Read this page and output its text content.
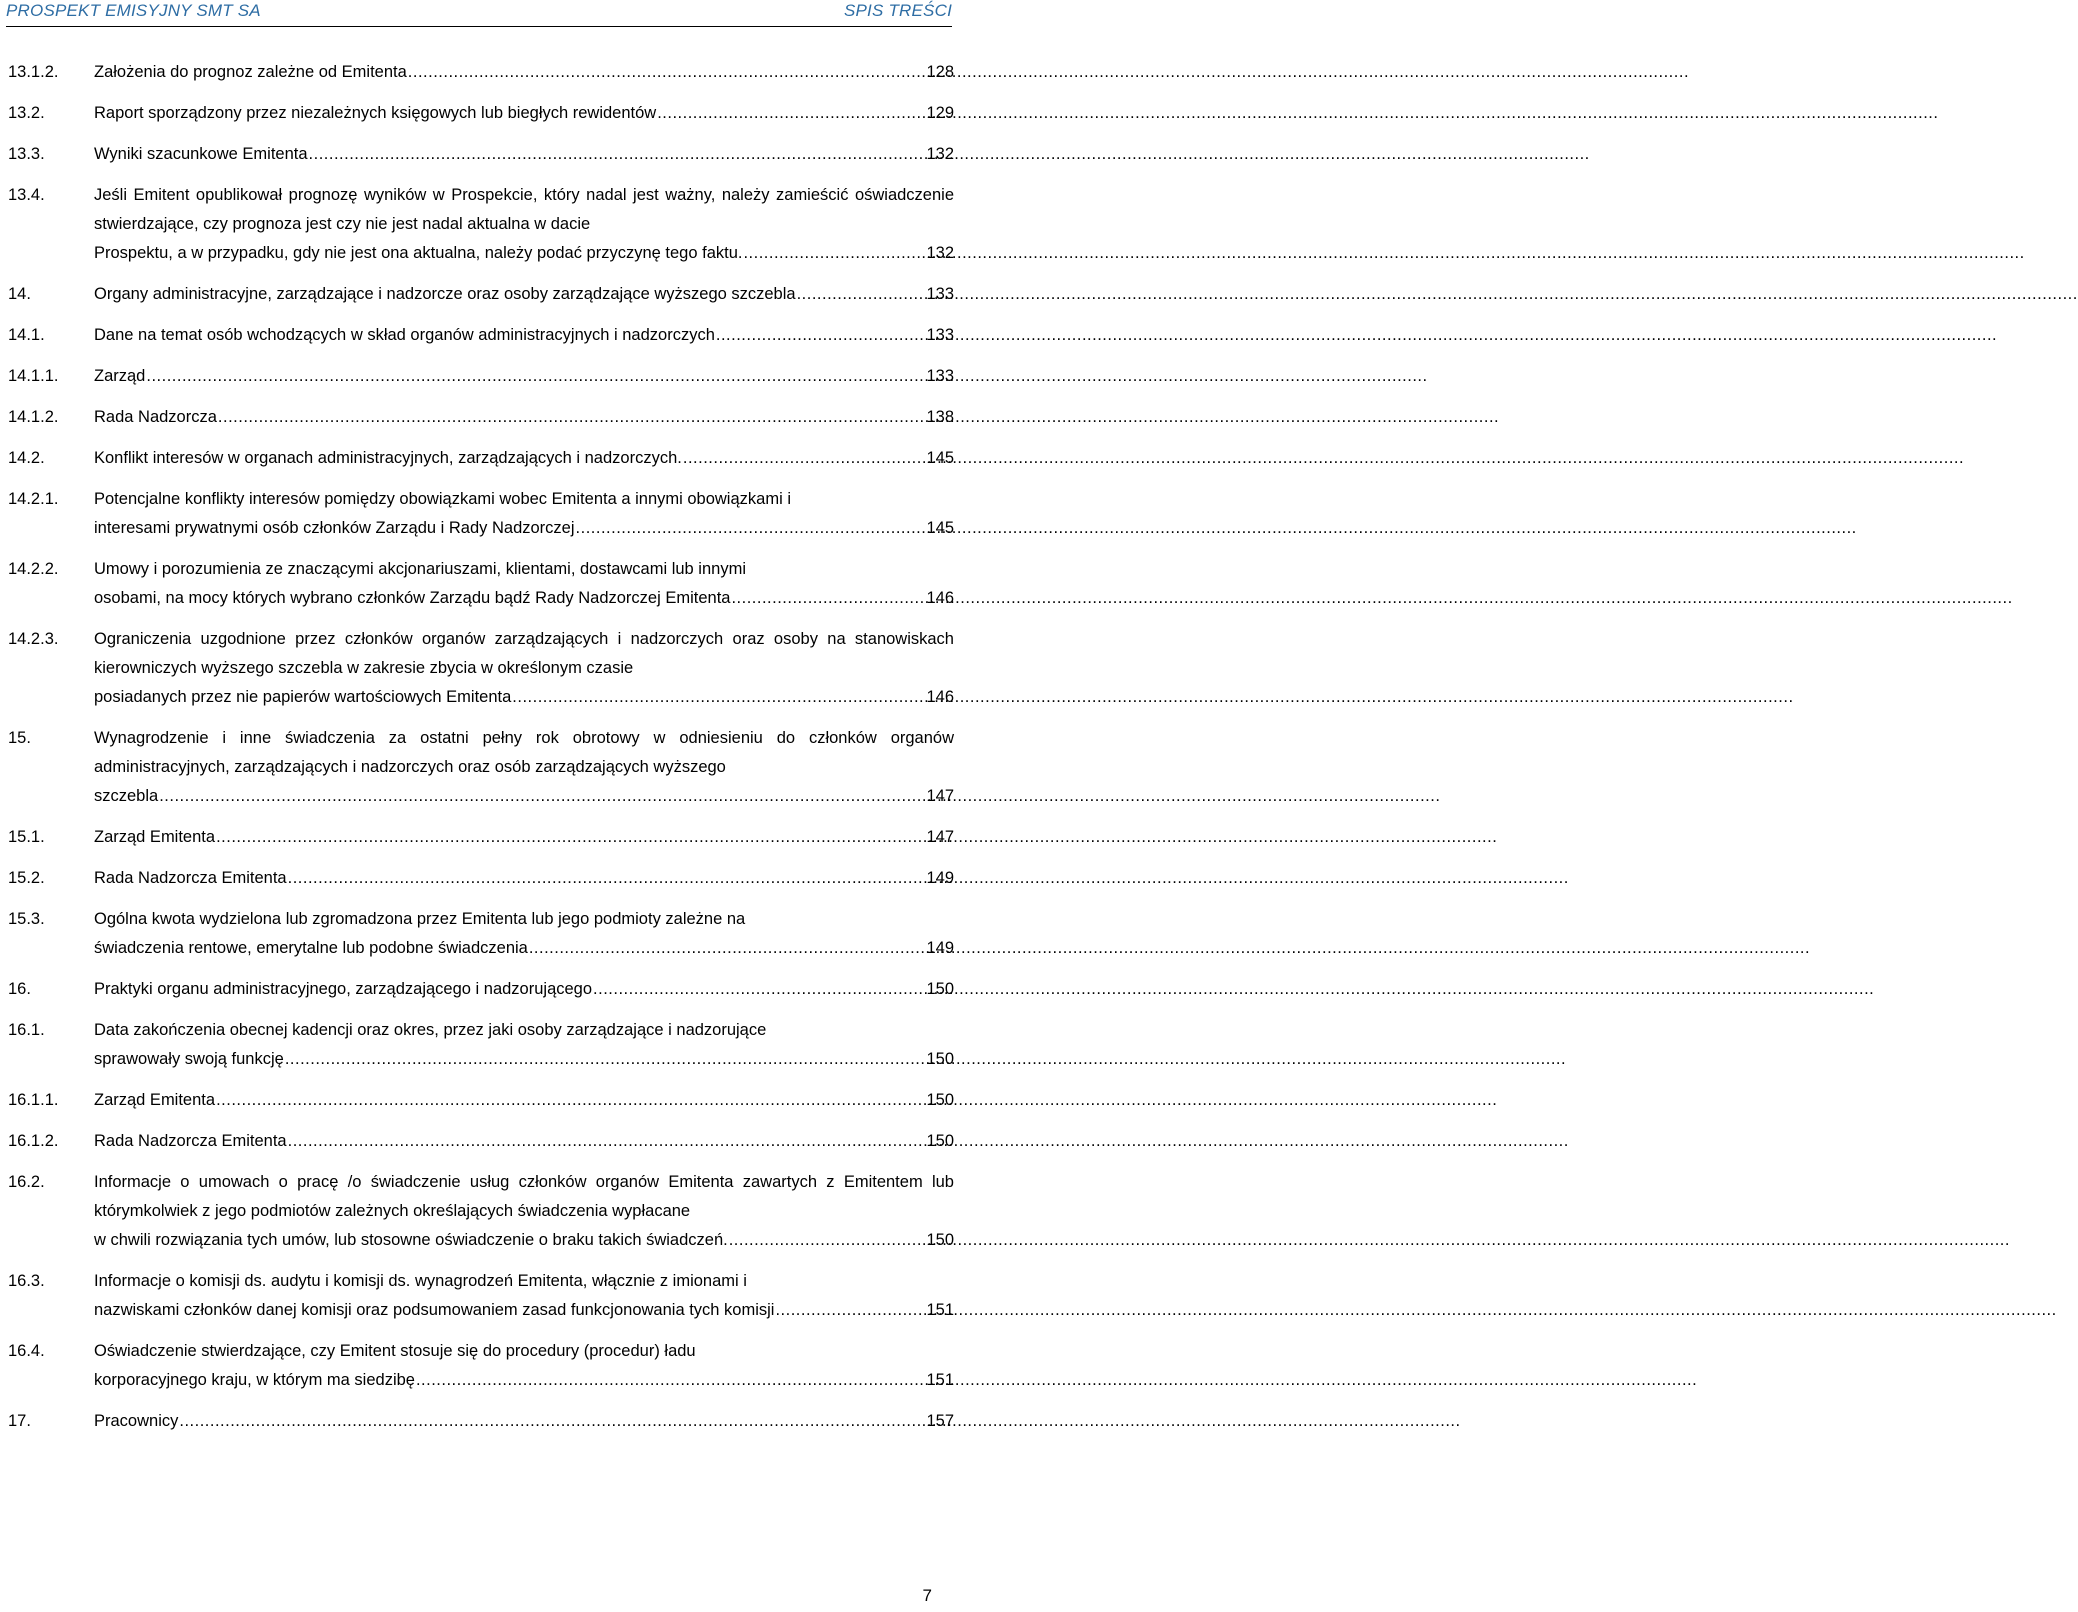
PROSPEKT EMISYJNY SMT SA	SPIS TREŚCI
13.1.2. Założenia do prognoz zależne od Emitenta .....	128
13.2.	Raport sporządzony przez niezależnych księgowych lub biegłych rewidentów .....	129
13.3.	Wyniki szacunkowe Emitenta .....	132
13.4.	Jeśli Emitent opublikował prognozę wyników w Prospekcie, który nadal jest ważny, należy zamieścić oświadczenie stwierdzające, czy prognoza jest czy nie jest nadal aktualna w dacie
Prospektu, a w przypadku, gdy nie jest ona aktualna, należy podać przyczynę tego faktu. .....	132
14.	Organy administracyjne, zarządzające i nadzorcze oraz osoby zarządzające wyższego szczebla .....	133
14.1.	Dane na temat osób wchodzących w skład organów administracyjnych i nadzorczych .....	133
14.1.1. Zarząd .....	133
14.1.2. Rada Nadzorcza .....	138
14.2.	Konflikt interesów w organach administracyjnych, zarządzających i nadzorczych. .....	145
14.2.1. Potencjalne konflikty interesów pomiędzy obowiązkami wobec Emitenta a innymi obowiązkami i
interesami prywatnymi osób członków Zarządu i Rady Nadzorczej .....	145
14.2.2. Umowy i porozumienia ze znaczącymi akcjonariuszami, klientami, dostawcami lub innymi
osobami, na mocy których wybrano członków Zarządu bądź Rady Nadzorczej Emitenta .....	146
14.2.3. Ograniczenia uzgodnione przez członków organów zarządzających i nadzorczych oraz osoby na stanowiskach kierowniczych wyższego szczebla w zakresie zbycia w określonym czasie
posiadanych przez nie papierów wartościowych Emitenta .....	146
15.	Wynagrodzenie i inne świadczenia za ostatni pełny rok obrotowy w odniesieniu do członków organów administracyjnych, zarządzających i nadzorczych oraz osób zarządzających wyższego
szczebla .....	147
15.1.	Zarząd Emitenta .....	147
15.2.	Rada Nadzorcza Emitenta .....	149
15.3.	Ogólna kwota wydzielona lub zgromadzona przez Emitenta lub jego podmioty zależne na
świadczenia rentowe, emerytalne lub podobne świadczenia .....	149
16.	Praktyki organu administracyjnego, zarządzającego i nadzorującego .....	150
16.1.	Data zakończenia obecnej kadencji oraz okres, przez jaki osoby zarządzające i nadzorujące
sprawowały swoją funkcję .....	150
16.1.1. Zarząd Emitenta .....	150
16.1.2. Rada Nadzorcza Emitenta .....	150
16.2.	Informacje o umowach o pracę /o świadczenie usług członków organów Emitenta zawartych z Emitentem lub którymkolwiek z jego podmiotów zależnych określających świadczenia wypłacane
w chwili rozwiązania tych umów, lub stosowne oświadczenie o braku takich świadczeń. .....	150
16.3.	Informacje o komisji ds. audytu i komisji ds. wynagrodzeń Emitenta, włącznie z imionami i
nazwiskami członków danej komisji oraz podsumowaniem zasad funkcjonowania tych komisji .....	151
16.4.	Oświadczenie stwierdzające, czy Emitent stosuje się do procedury (procedur) ładu
korporacyjnego kraju, w którym ma siedzibę .....	151
17.	Pracownicy .....	157
7
